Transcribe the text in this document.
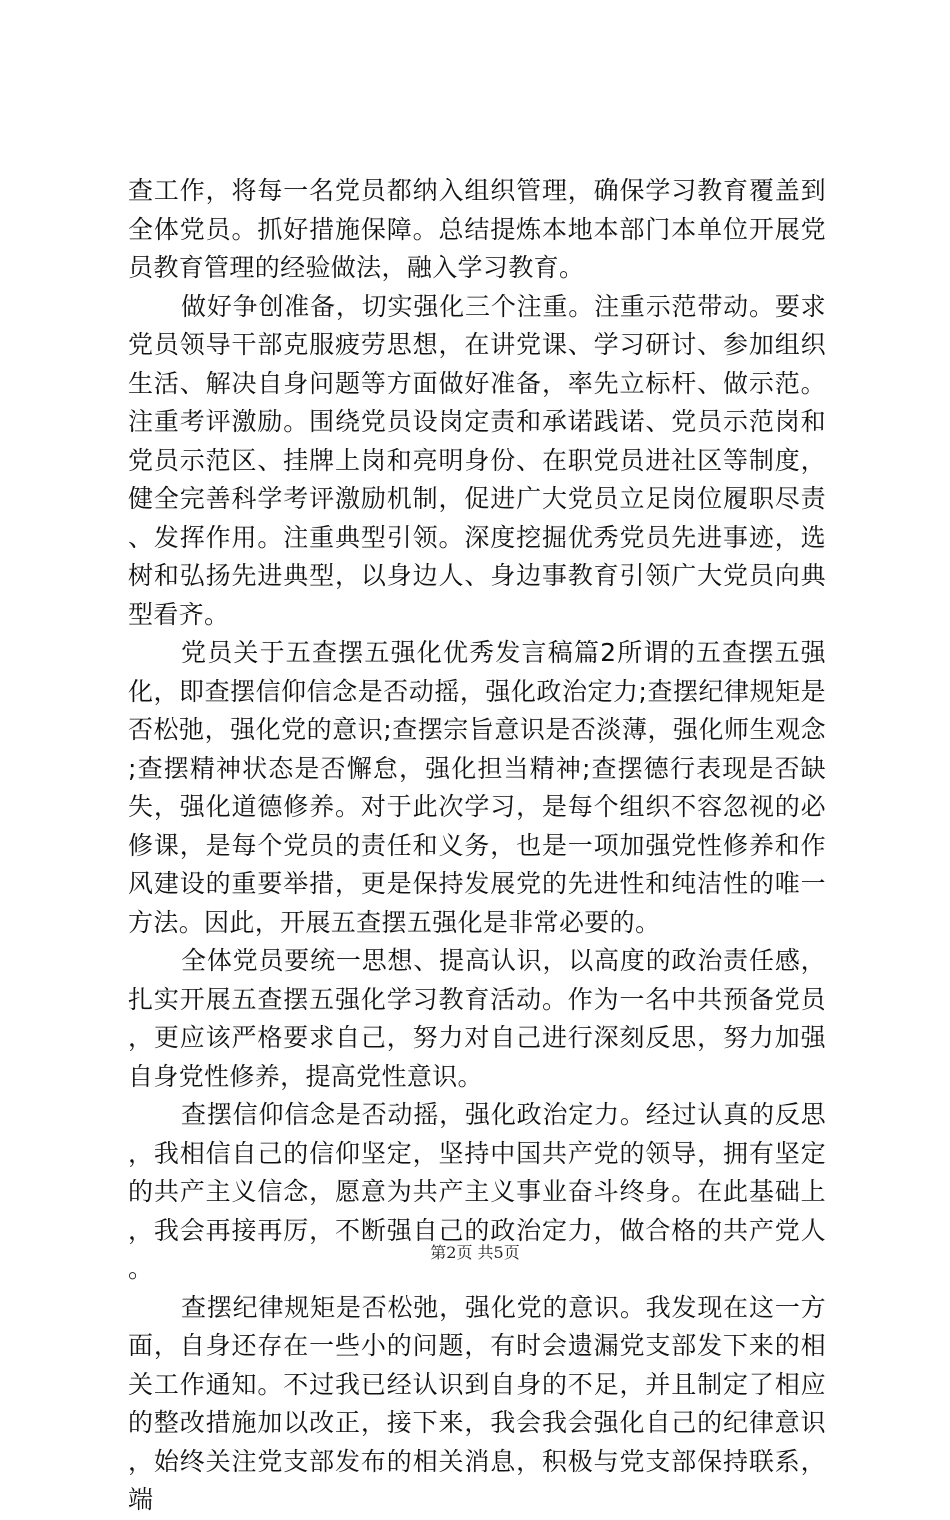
查工作，将每一名党员都纳入组织管理，确保学习教育覆盖到全体党员。抓好措施保障。总结提炼本地本部门本单位开展党员教育管理的经验做法，融入学习教育。

做好争创准备，切实强化三个注重。注重示范带动。要求党员领导干部克服疲劳思想，在讲党课、学习研讨、参加组织生活、解决自身问题等方面做好准备，率先立标杆、做示范。注重考评激励。围绕党员设岗定责和承诺践诺、党员示范岗和党员示范区、挂牌上岗和亮明身份、在职党员进社区等制度，健全完善科学考评激励机制，促进广大党员立足岗位履职尽责、发挥作用。注重典型引领。深度挖掘优秀党员先进事迹，选树和弘扬先进典型，以身边人、身边事教育引领广大党员向典型看齐。

党员关于五查摆五强化优秀发言稿篇2所谓的五查摆五强化，即查摆信仰信念是否动摇，强化政治定力;查摆纪律规矩是否松弛，强化党的意识;查摆宗旨意识是否淡薄，强化师生观念;查摆精神状态是否懈怠，强化担当精神;查摆德行表现是否缺失，强化道德修养。对于此次学习，是每个组织不容忽视的必修课，是每个党员的责任和义务，也是一项加强党性修养和作风建设的重要举措，更是保持发展党的先进性和纯洁性的唯一方法。因此，开展五查摆五强化是非常必要的。

全体党员要统一思想、提高认识，以高度的政治责任感，扎实开展五查摆五强化学习教育活动。作为一名中共预备党员，更应该严格要求自己，努力对自己进行深刻反思，努力加强自身党性修养，提高党性意识。

查摆信仰信念是否动摇，强化政治定力。经过认真的反思，我相信自己的信仰坚定，坚持中国共产党的领导，拥有坚定的共产主义信念，愿意为共产主义事业奋斗终身。在此基础上，我会再接再厉，不断强自己的政治定力，做合格的共产党人。

查摆纪律规矩是否松弛，强化党的意识。我发现在这一方面，自身还存在一些小的问题，有时会遗漏党支部发下来的相关工作通知。不过我已经认识到自身的不足，并且制定了相应的整改措施加以改正，接下来，我会我会强化自己的纪律意识，始终关注党支部发布的相关消息，积极与党支部保持联系，端

第2页 共5页
